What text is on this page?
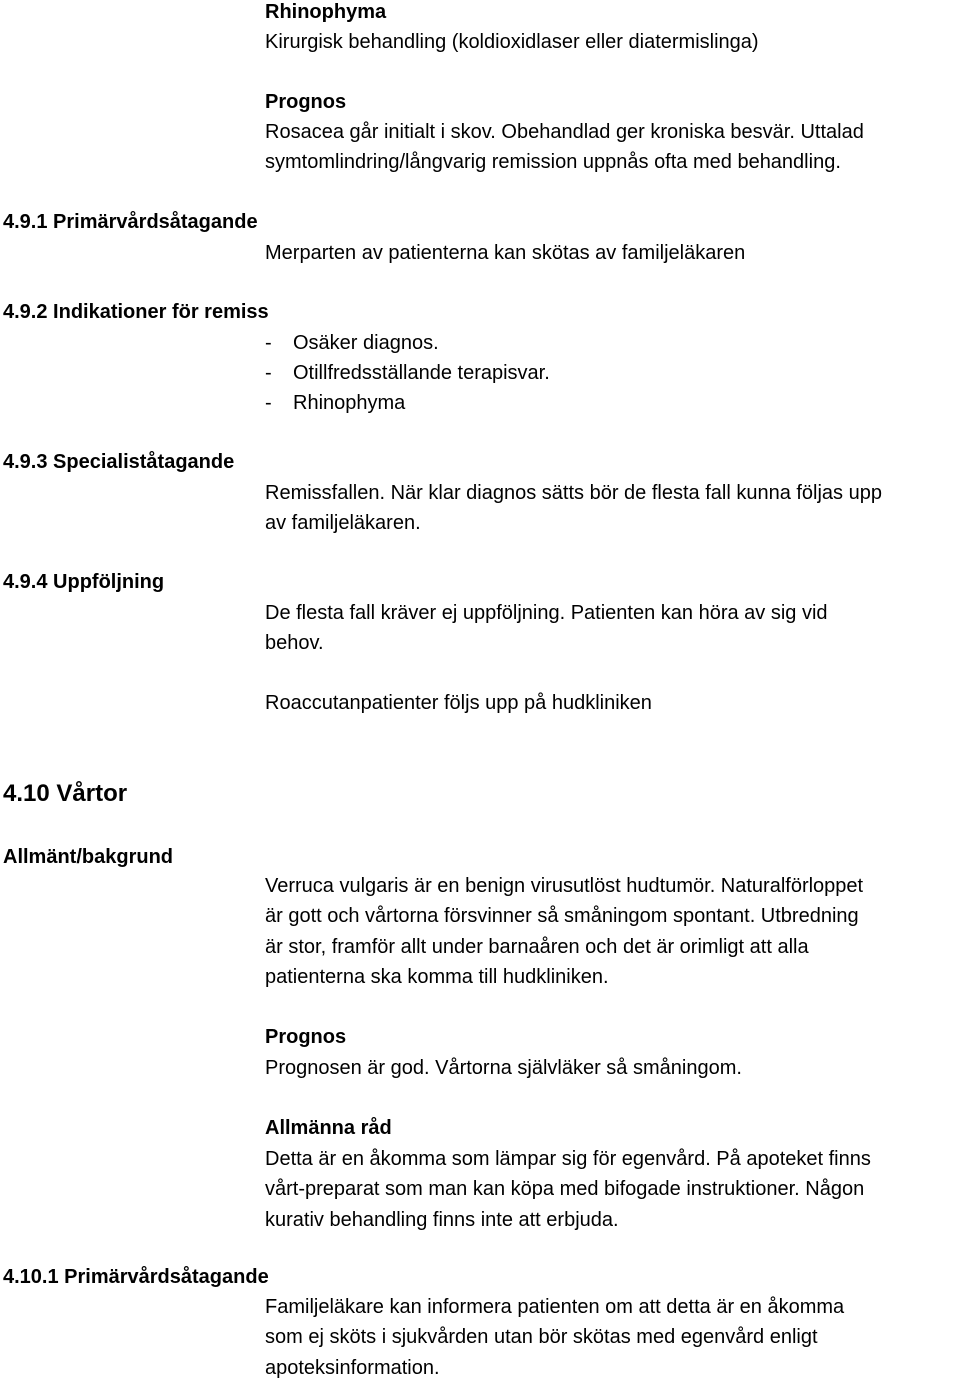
Rhinophyma
Kirurgisk behandling (koldioxidlaser eller diatermislinga)
Prognos
Rosacea går initialt i skov. Obehandlad ger kroniska besvär. Uttalad
symtomlindring/långvarig remission uppnås ofta med behandling.
4.9.1 Primärvårdsåtagande
Merparten av patienterna kan skötas av familjeläkaren
4.9.2 Indikationer för remiss
- Osäker diagnos.
- Otillfredsställande terapisvar.
- Rhinophyma
4.9.3 Specialiståtagande
Remissfallen. När klar diagnos sätts bör de flesta fall kunna följas upp
av familjeläkaren.
4.9.4 Uppföljning
De flesta fall kräver ej uppföljning. Patienten kan höra av sig vid
behov.
Roaccutanpatienter följs upp på hudkliniken
4.10 Vårtor
Allmänt/bakgrund
Verruca vulgaris är en benign virusutlöst hudtumör. Naturalförloppet
är gott och vårtorna försvinner så småningom spontant. Utbredning
är stor, framför allt under barnaåren och det är orimligt att alla
patienterna ska komma till hudkliniken.
Prognos
Prognosen är god. Vårtorna självläker så småningom.
Allmänna råd
Detta är en åkomma som lämpar sig för egenvård. På apoteket finns
vårt-preparat som man kan köpa med bifogade instruktioner. Någon
kurativ behandling finns inte att erbjuda.
4.10.1 Primärvårdsåtagande
Familjeläkare kan informera patienten om att detta är en åkomma
som ej sköts i sjukvården utan bör skötas med egenvård enligt
apoteksinformation.
